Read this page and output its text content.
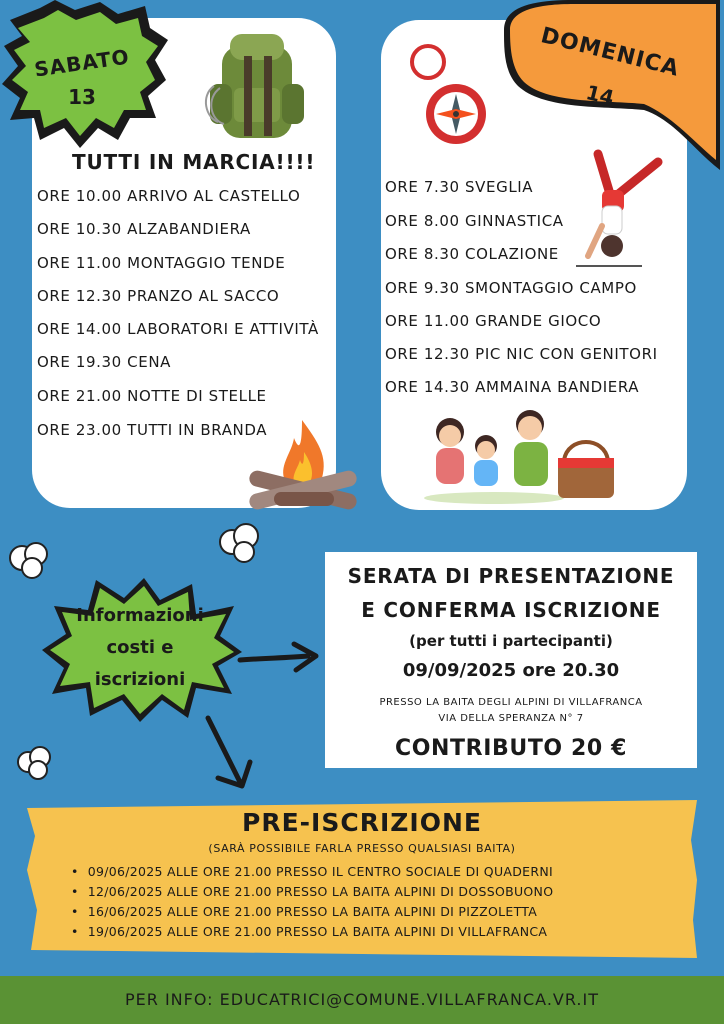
SABATO
13
TUTTI IN MARCIA!!!!
ORE 10.00 ARRIVO AL CASTELLO
ORE 10.30 ALZABANDIERA
ORE 11.00 MONTAGGIO TENDE
ORE 12.30 PRANZO AL SACCO
ORE 14.00 LABORATORI E ATTIVITÀ
ORE 19.30 CENA
ORE 21.00 NOTTE DI STELLE
ORE 23.00 TUTTI IN BRANDA
DOMENICA
14
ORE 7.30 SVEGLIA
ORE 8.00 GINNASTICA
ORE 8.30 COLAZIONE
ORE 9.30 SMONTAGGIO CAMPO
ORE 11.00 GRANDE GIOCO
ORE 12.30 PIC NIC CON GENITORI
ORE 14.30 AMMAINA BANDIERA
Informazioni
costi e
iscrizioni
SERATA DI PRESENTAZIONE
E CONFERMA ISCRIZIONE
(per tutti i partecipanti)
09/09/2025 ore 20.30
PRESSO LA BAITA DEGLI ALPINI DI VILLAFRANCA
VIA DELLA SPERANZA N° 7
CONTRIBUTO 20 €
PRE-ISCRIZIONE
(SARÀ POSSIBILE FARLA PRESSO QUALSIASI BAITA)
• 09/06/2025 ALLE ORE 21.00 PRESSO IL CENTRO SOCIALE DI QUADERNI
• 12/06/2025 ALLE ORE 21.00 PRESSO LA BAITA ALPINI DI DOSSOBUONO
• 16/06/2025 ALLE ORE 21.00 PRESSO LA BAITA ALPINI DI PIZZOLETTA
• 19/06/2025 ALLE ORE 21.00 PRESSO LA BAITA ALPINI DI VILLAFRANCA
PER INFO: EDUCATRICI@COMUNE.VILLAFRANCA.VR.IT
